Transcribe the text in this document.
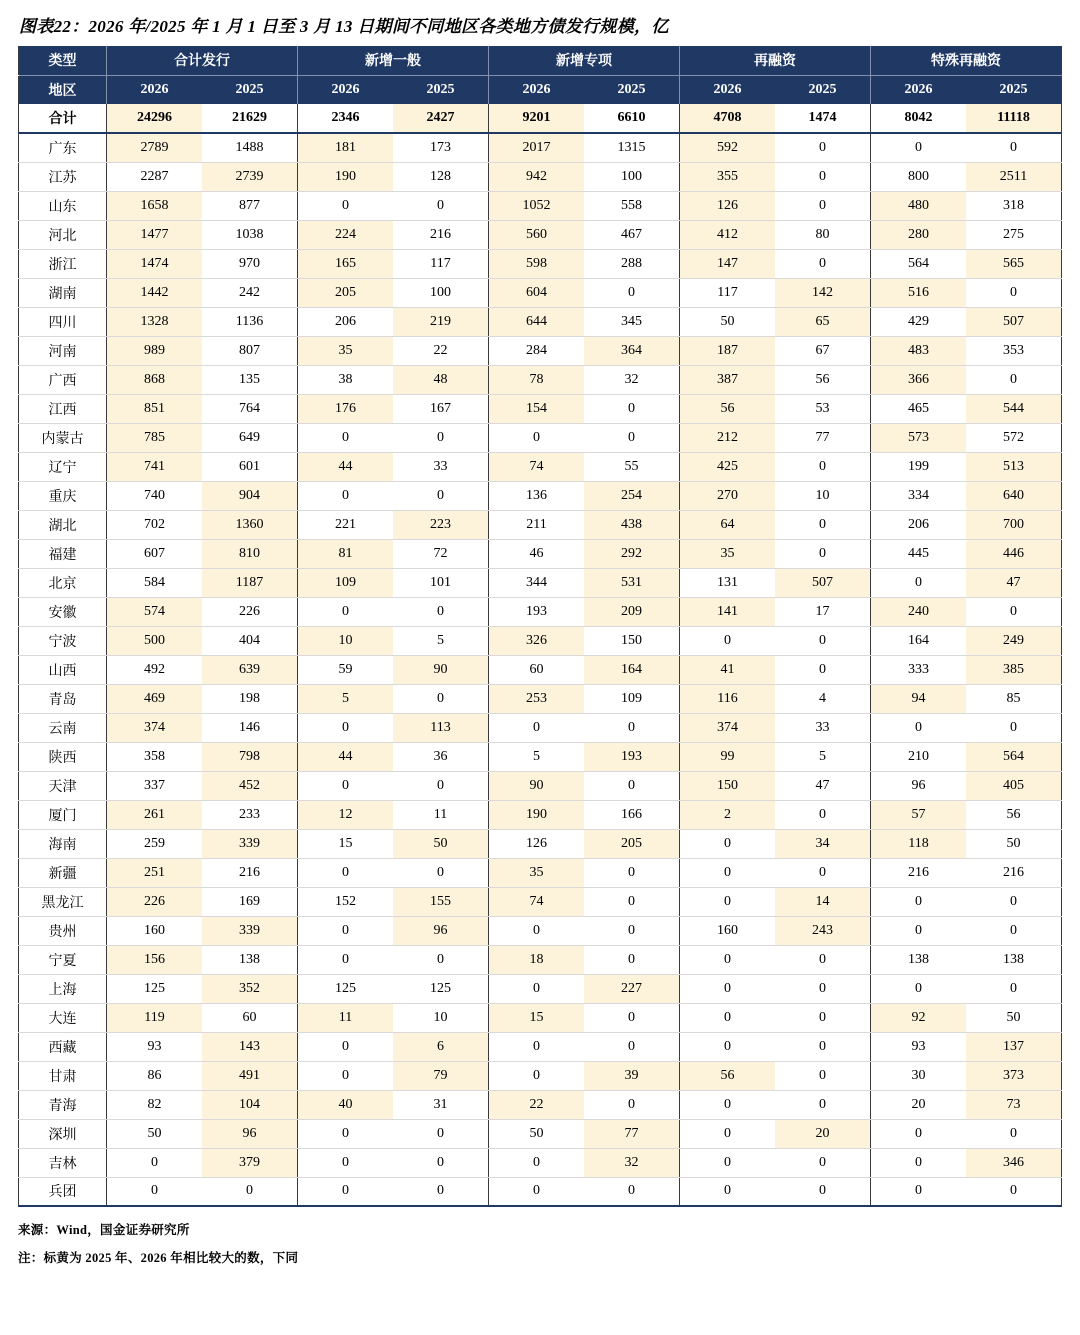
图表22：2026 年/2025 年 1 月 1 日至 3 月 13 日期间不同地区各类地方债发行规模，亿
类型	合计发行		新增一般		新增专项		再融资		特殊再融资	
地区	2026	2025	2026	2025	2026	2025	2026	2025	2026	2025
合计	24296	21629	2346	2427	9201	6610	4708	1474	8042	11118
广东	2789	1488	181	173	2017	1315	592	0	0	0
江苏	2287	2739	190	128	942	100	355	0	800	2511
山东	1658	877	0	0	1052	558	126	0	480	318
河北	1477	1038	224	216	560	467	412	80	280	275
浙江	1474	970	165	117	598	288	147	0	564	565
湖南	1442	242	205	100	604	0	117	142	516	0
四川	1328	1136	206	219	644	345	50	65	429	507
河南	989	807	35	22	284	364	187	67	483	353
广西	868	135	38	48	78	32	387	56	366	0
江西	851	764	176	167	154	0	56	53	465	544
内蒙古	785	649	0	0	0	0	212	77	573	572
辽宁	741	601	44	33	74	55	425	0	199	513
重庆	740	904	0	0	136	254	270	10	334	640
湖北	702	1360	221	223	211	438	64	0	206	700
福建	607	810	81	72	46	292	35	0	445	446
北京	584	1187	109	101	344	531	131	507	0	47
安徽	574	226	0	0	193	209	141	17	240	0
宁波	500	404	10	5	326	150	0	0	164	249
山西	492	639	59	90	60	164	41	0	333	385
青岛	469	198	5	0	253	109	116	4	94	85
云南	374	146	0	113	0	0	374	33	0	0
陕西	358	798	44	36	5	193	99	5	210	564
天津	337	452	0	0	90	0	150	47	96	405
厦门	261	233	12	11	190	166	2	0	57	56
海南	259	339	15	50	126	205	0	34	118	50
新疆	251	216	0	0	35	0	0	0	216	216
黑龙江	226	169	152	155	74	0	0	14	0	0
贵州	160	339	0	96	0	0	160	243	0	0
宁夏	156	138	0	0	18	0	0	0	138	138
上海	125	352	125	125	0	227	0	0	0	0
大连	119	60	11	10	15	0	0	0	92	50
西藏	93	143	0	6	0	0	0	0	93	137
甘肃	86	491	0	79	0	39	56	0	30	373
青海	82	104	40	31	22	0	0	0	20	73
深圳	50	96	0	0	50	77	0	20	0	0
吉林	0	379	0	0	0	32	0	0	0	346
兵团	0	0	0	0	0	0	0	0	0	0
来源：Wind，国金证券研究所
注：标黄为 2025 年、2026 年相比较大的数，下同
